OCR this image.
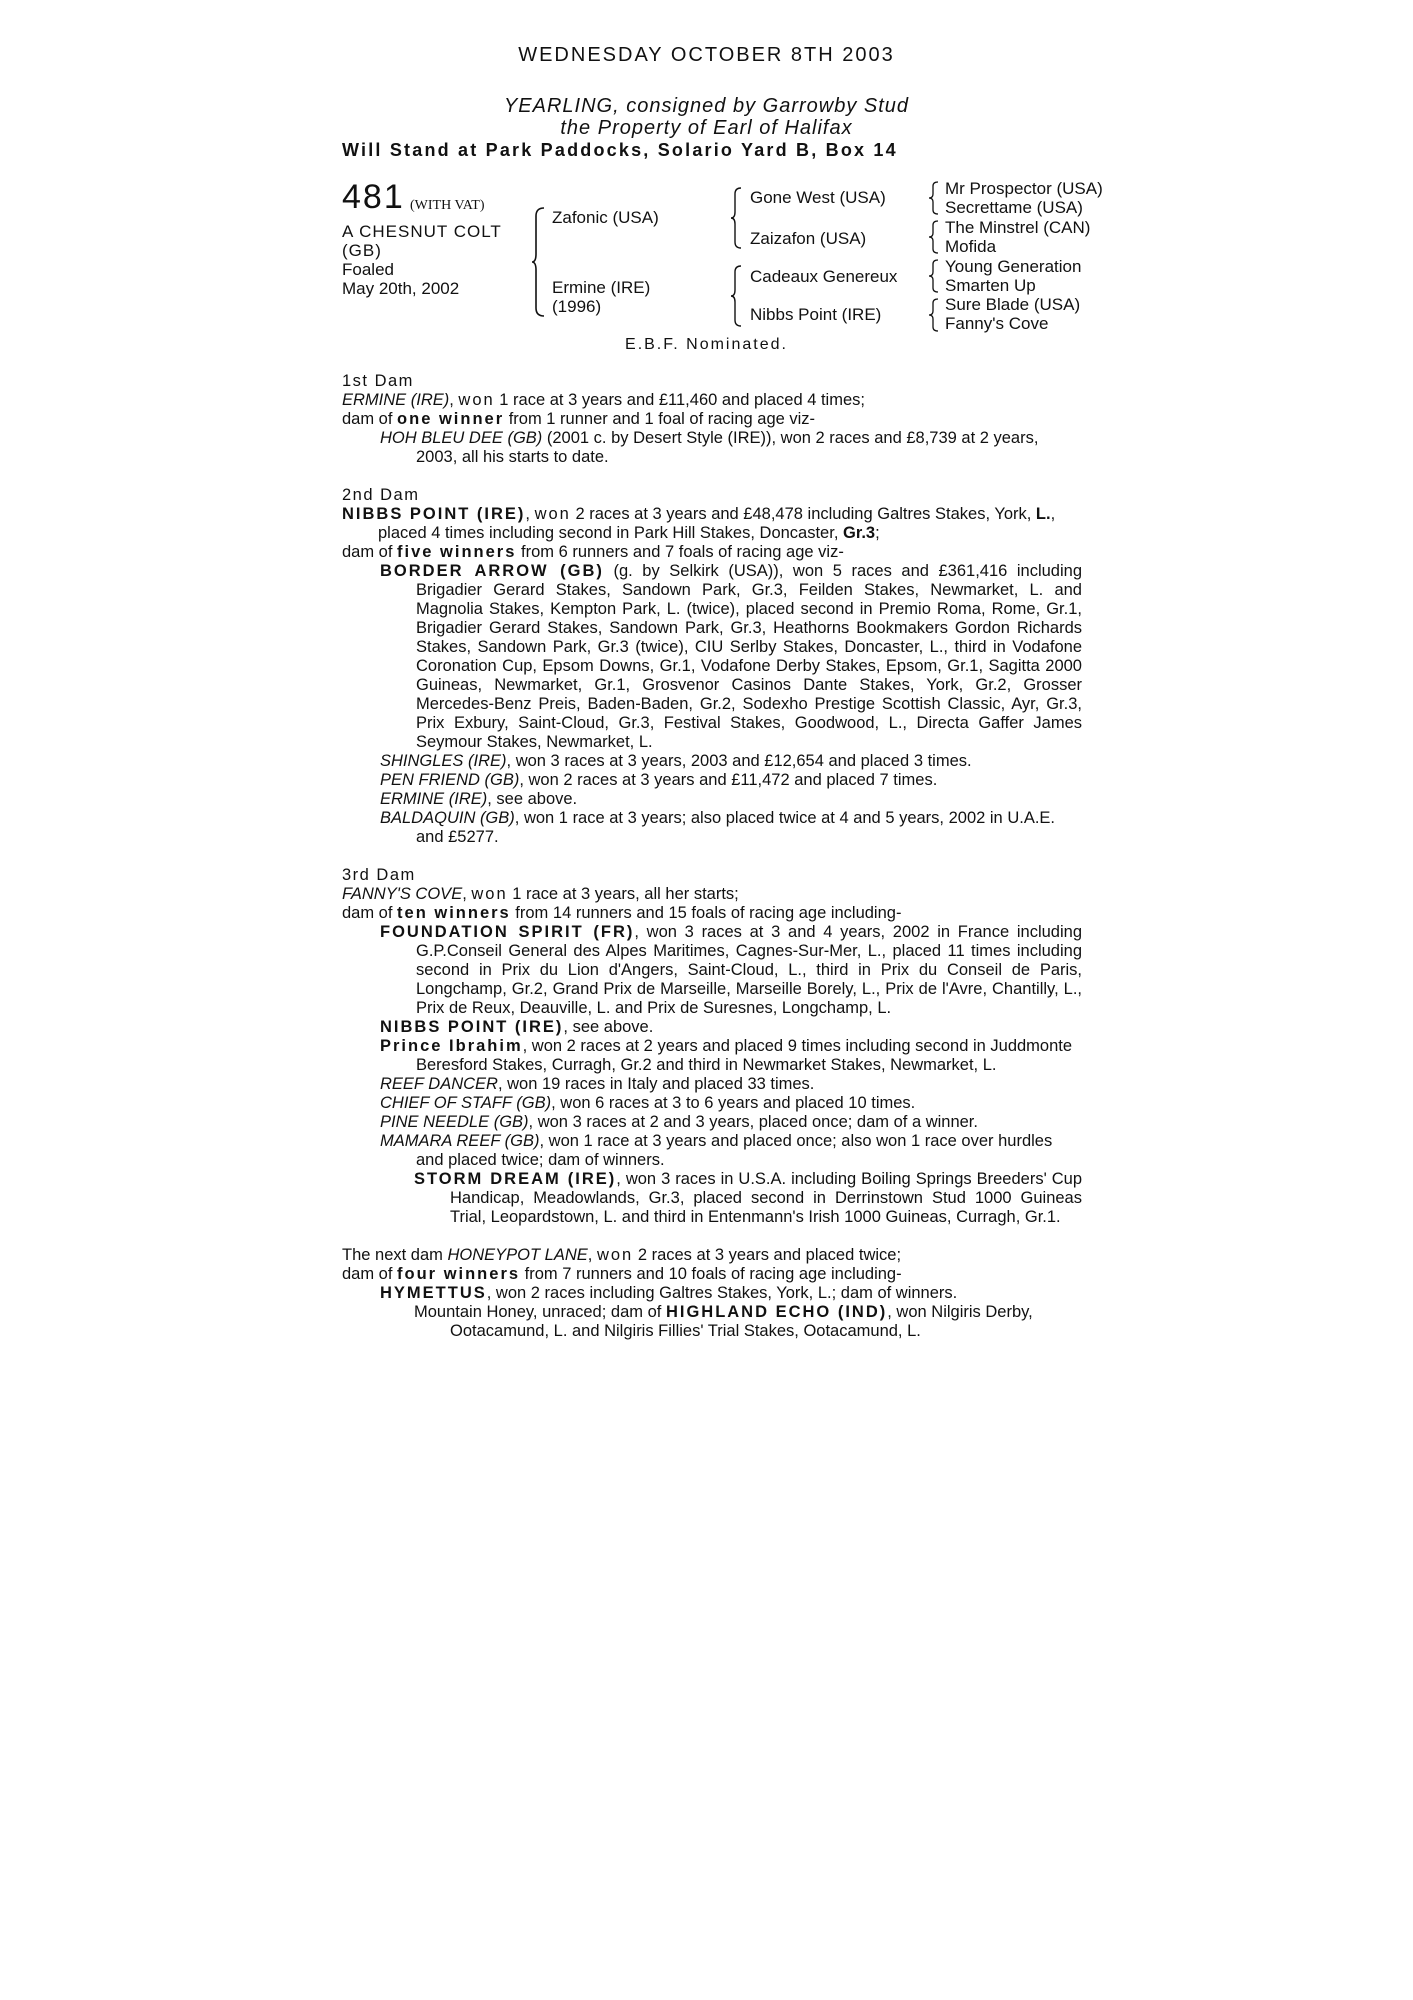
WEDNESDAY OCTOBER 8TH 2003
YEARLING, consigned by Garrowby Stud
the Property of Earl of Halifax
Will Stand at Park Paddocks, Solario Yard B, Box 14
481 (WITH VAT)
A CHESNUT COLT
(GB)
Foaled
May 20th, 2002
Zafonic (USA)
Ermine (IRE)
(1996)
Gone West (USA)
Zaizafon (USA)
Cadeaux Genereux
Nibbs Point (IRE)
Mr Prospector (USA)
Secrettame (USA)
The Minstrel (CAN)
Mofida
Young Generation
Smarten Up
Sure Blade (USA)
Fanny's Cove
E.B.F. Nominated.
1st Dam
ERMINE (IRE), won 1 race at 3 years and £11,460 and placed 4 times;
dam of one winner from 1 runner and 1 foal of racing age viz-
HOH BLEU DEE (GB) (2001 c. by Desert Style (IRE)), won 2 races and £8,739 at 2 years, 2003, all his starts to date.
2nd Dam
NIBBS POINT (IRE), won 2 races at 3 years and £48,478 including Galtres Stakes, York, L., placed 4 times including second in Park Hill Stakes, Doncaster, Gr.3;
dam of five winners from 6 runners and 7 foals of racing age viz-
BORDER ARROW (GB) (g. by Selkirk (USA)), won 5 races and £361,416 including Brigadier Gerard Stakes, Sandown Park, Gr.3, Feilden Stakes, Newmarket, L. and Magnolia Stakes, Kempton Park, L. (twice), placed second in Premio Roma, Rome, Gr.1, Brigadier Gerard Stakes, Sandown Park, Gr.3, Heathorns Bookmakers Gordon Richards Stakes, Sandown Park, Gr.3 (twice), CIU Serlby Stakes, Doncaster, L., third in Vodafone Coronation Cup, Epsom Downs, Gr.1, Vodafone Derby Stakes, Epsom, Gr.1, Sagitta 2000 Guineas, Newmarket, Gr.1, Grosvenor Casinos Dante Stakes, York, Gr.2, Grosser Mercedes-Benz Preis, Baden-Baden, Gr.2, Sodexho Prestige Scottish Classic, Ayr, Gr.3, Prix Exbury, Saint-Cloud, Gr.3, Festival Stakes, Goodwood, L., Directa Gaffer James Seymour Stakes, Newmarket, L.
SHINGLES (IRE), won 3 races at 3 years, 2003 and £12,654 and placed 3 times.
PEN FRIEND (GB), won 2 races at 3 years and £11,472 and placed 7 times.
ERMINE (IRE), see above.
BALDAQUIN (GB), won 1 race at 3 years; also placed twice at 4 and 5 years, 2002 in U.A.E. and £5277.
3rd Dam
FANNY'S COVE, won 1 race at 3 years, all her starts;
dam of ten winners from 14 runners and 15 foals of racing age including-
FOUNDATION SPIRIT (FR), won 3 races at 3 and 4 years, 2002 in France including G.P.Conseil General des Alpes Maritimes, Cagnes-Sur-Mer, L., placed 11 times including second in Prix du Lion d'Angers, Saint-Cloud, L., third in Prix du Conseil de Paris, Longchamp, Gr.2, Grand Prix de Marseille, Marseille Borely, L., Prix de l'Avre, Chantilly, L., Prix de Reux, Deauville, L. and Prix de Suresnes, Longchamp, L.
NIBBS POINT (IRE), see above.
Prince Ibrahim, won 2 races at 2 years and placed 9 times including second in Juddmonte Beresford Stakes, Curragh, Gr.2 and third in Newmarket Stakes, Newmarket, L.
REEF DANCER, won 19 races in Italy and placed 33 times.
CHIEF OF STAFF (GB), won 6 races at 3 to 6 years and placed 10 times.
PINE NEEDLE (GB), won 3 races at 2 and 3 years, placed once; dam of a winner.
MAMARA REEF (GB), won 1 race at 3 years and placed once; also won 1 race over hurdles and placed twice; dam of winners.
STORM DREAM (IRE), won 3 races in U.S.A. including Boiling Springs Breeders' Cup Handicap, Meadowlands, Gr.3, placed second in Derrinstown Stud 1000 Guineas Trial, Leopardstown, L. and third in Entenmann's Irish 1000 Guineas, Curragh, Gr.1.
The next dam HONEYPOT LANE, won 2 races at 3 years and placed twice;
dam of four winners from 7 runners and 10 foals of racing age including-
HYMETTUS, won 2 races including Galtres Stakes, York, L.; dam of winners.
Mountain Honey, unraced; dam of HIGHLAND ECHO (IND), won Nilgiris Derby, Ootacamund, L. and Nilgiris Fillies' Trial Stakes, Ootacamund, L.
